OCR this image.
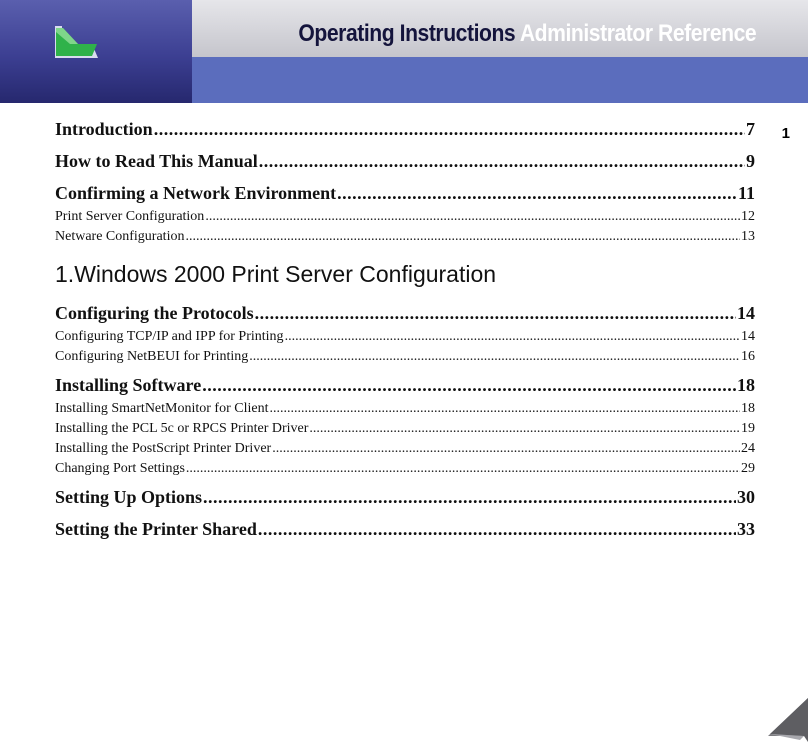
Operating Instructions Administrator Reference
1
Introduction .....	7
How to Read This Manual .....	9
Confirming a Network Environment .....	11
Print Server Configuration .....	12
Netware Configuration .....	13
1.Windows 2000 Print Server Configuration
Configuring the Protocols .....	14
Configuring TCP/IP and IPP for Printing .....	14
Configuring NetBEUI for Printing .....	16
Installing Software .....	18
Installing SmartNetMonitor for Client .....	18
Installing the PCL 5c or RPCS Printer Driver .....	19
Installing the PostScript Printer Driver .....	24
Changing Port Settings .....	29
Setting Up Options .....	30
Setting the Printer Shared .....	33
